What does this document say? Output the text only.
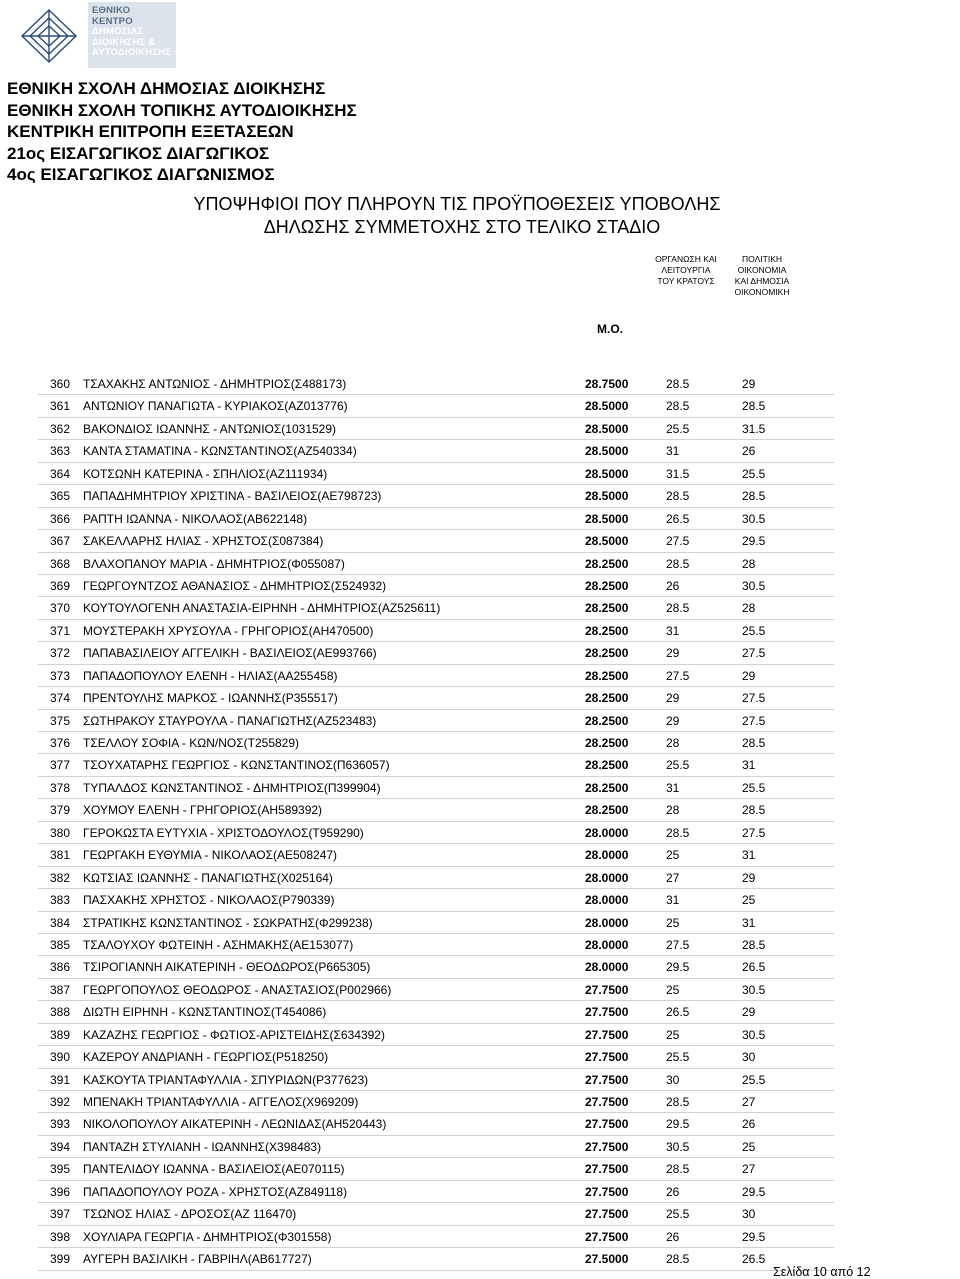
ΕΘΝΙΚΟ
ΚΕΝΤΡΟ
ΔΗΜΟΣΙΑΣ
ΔΙΟΙΚΗΣΗΣ &
ΑΥΤΟΔΙΟΙΚΗΣΗΣ
ΕΘΝΙΚΗ ΣΧΟΛΗ ΔΗΜΟΣΙΑΣ ΔΙΟΙΚΗΣΗΣ
ΕΘΝΙΚΗ ΣΧΟΛΗ ΤΟΠΙΚΗΣ ΑΥΤΟΔΙΟΙΚΗΣΗΣ
ΚΕΝΤΡΙΚΗ ΕΠΙΤΡΟΠΗ ΕΞΕΤΑΣΕΩΝ
21ος ΕΙΣΑΓΩΓΙΚΟΣ ΔΙΑΓΩΓΙΚΟΣ
4ος ΕΙΣΑΓΩΓΙΚΟΣ ΔΙΑΓΩΝΙΣΜΟΣ
ΥΠΟΨΗΦΙΟΙ ΠΟΥ ΠΛΗΡΟΥΝ ΤΙΣ ΠΡΟΫΠΟΘΕΣΕΙΣ ΥΠΟΒΟΛΗΣ
ΔΗΛΩΣΗΣ ΣΥΜΜΕΤΟΧΗΣ ΣΤΟ ΤΕΛΙΚΟ ΣΤΑΔΙΟ
ΟΡΓΑΝΩΣΗ ΚΑΙ
ΛΕΙΤΟΥΡΓΙΑ
ΤΟΥ ΚΡΑΤΟΥΣ
ΠΟΛΙΤΙΚΗ
ΟΙΚΟΝΟΜΙΑ
ΚΑΙ ΔΗΜΟΣΙΑ
ΟΙΚΟΝΟΜΙΚΗ
Μ.Ο.
360 ΤΣΑΧΑΚΗΣ ΑΝΤΩΝΙΟΣ - ΔΗΜΗΤΡΙΟΣ(Σ488173)	28.7500	28.5	29
361 ΑΝΤΩΝΙΟΥ ΠΑΝΑΓΙΩΤΑ - ΚΥΡΙΑΚΟΣ(ΑΖ013776)	28.5000	28.5	28.5
362 ΒΑΚΟΝΔΙΟΣ ΙΩΑΝΝΗΣ - ΑΝΤΩΝΙΟΣ(1031529)	28.5000	25.5	31.5
363 ΚΑΝΤΑ ΣΤΑΜΑΤΙΝΑ - ΚΩΝΣΤΑΝΤΙΝΟΣ(ΑΖ540334)	28.5000	31	26
364 ΚΟΤΣΩΝΗ ΚΑΤΕΡΙΝΑ - ΣΠΗΛΙΟΣ(ΑΖ111934)	28.5000	31.5	25.5
365 ΠΑΠΑΔΗΜΗΤΡΙΟΥ ΧΡΙΣΤΙΝΑ - ΒΑΣΙΛΕΙΟΣ(ΑΕ798723)	28.5000	28.5	28.5
366 ΡΑΠΤΗ ΙΩΑΝΝΑ - ΝΙΚΟΛΑΟΣ(ΑΒ622148)	28.5000	26.5	30.5
367 ΣΑΚΕΛΛΑΡΗΣ ΗΛΙΑΣ - ΧΡΗΣΤΟΣ(Σ087384)	28.5000	27.5	29.5
368 ΒΛΑΧΟΠΑΝΟΥ ΜΑΡΙΑ - ΔΗΜΗΤΡΙΟΣ(Φ055087)	28.2500	28.5	28
369 ΓΕΩΡΓΟΥΝΤΖΟΣ ΑΘΑΝΑΣΙΟΣ - ΔΗΜΗΤΡΙΟΣ(Σ524932)	28.2500	26	30.5
370 ΚΟΥΤΟΥΛΟΓΕΝΗ ΑΝΑΣΤΑΣΙΑ-ΕΙΡΗΝΗ - ΔΗΜΗΤΡΙΟΣ(ΑΖ525611)	28.2500	28.5	28
371 ΜΟΥΣΤΕΡΑΚΗ ΧΡΥΣΟΥΛΑ - ΓΡΗΓΟΡΙΟΣ(ΑΗ470500)	28.2500	31	25.5
372 ΠΑΠΑΒΑΣΙΛΕΙΟΥ ΑΓΓΕΛΙΚΗ - ΒΑΣΙΛΕΙΟΣ(ΑΕ993766)	28.2500	29	27.5
373 ΠΑΠΑΔΟΠΟΥΛΟΥ ΕΛΕΝΗ - ΗΛΙΑΣ(ΑΑ255458)	28.2500	27.5	29
374 ΠΡΕΝΤΟΥΛΗΣ ΜΑΡΚΟΣ - ΙΩΑΝΝΗΣ(Ρ355517)	28.2500	29	27.5
375 ΣΩΤΗΡΑΚΟΥ ΣΤΑΥΡΟΥΛΑ - ΠΑΝΑΓΙΩΤΗΣ(ΑΖ523483)	28.2500	29	27.5
376 ΤΣΕΛΛΟΥ ΣΟΦΙΑ - ΚΩΝ/ΝΟΣ(Τ255829)	28.2500	28	28.5
377 ΤΣΟΥΧΑΤΑΡΗΣ ΓΕΩΡΓΙΟΣ - ΚΩΝΣΤΑΝΤΙΝΟΣ(Π636057)	28.2500	25.5	31
378 ΤΥΠΑΛΔΟΣ ΚΩΝΣΤΑΝΤΙΝΟΣ - ΔΗΜΗΤΡΙΟΣ(Π399904)	28.2500	31	25.5
379 ΧΟΥΜΟΥ ΕΛΕΝΗ - ΓΡΗΓΟΡΙΟΣ(ΑΗ589392)	28.2500	28	28.5
380 ΓΕΡΟΚΩΣΤΑ ΕΥΤΥΧΙΑ - ΧΡΙΣΤΟΔΟΥΛΟΣ(Τ959290)	28.0000	28.5	27.5
381 ΓΕΩΡΓΑΚΗ ΕΥΘΥΜΙΑ - ΝΙΚΟΛΑΟΣ(ΑΕ508247)	28.0000	25	31
382 ΚΩΤΣΙΑΣ ΙΩΑΝΝΗΣ - ΠΑΝΑΓΙΩΤΗΣ(Χ025164)	28.0000	27	29
383 ΠΑΣΧΑΚΗΣ ΧΡΗΣΤΟΣ - ΝΙΚΟΛΑΟΣ(Ρ790339)	28.0000	31	25
384 ΣΤΡΑΤΙΚΗΣ ΚΩΝΣΤΑΝΤΙΝΟΣ - ΣΩΚΡΑΤΗΣ(Φ299238)	28.0000	25	31
385 ΤΣΑΛΟΥΧΟΥ ΦΩΤΕΙΝΗ - ΑΣΗΜΑΚΗΣ(ΑΕ153077)	28.0000	27.5	28.5
386 ΤΣΙΡΟΓΙΑΝΝΗ ΑΙΚΑΤΕΡΙΝΗ - ΘΕΟΔΩΡΟΣ(Ρ665305)	28.0000	29.5	26.5
387 ΓΕΩΡΓΟΠΟΥΛΟΣ ΘΕΟΔΩΡΟΣ - ΑΝΑΣΤΑΣΙΟΣ(Ρ002966)	27.7500	25	30.5
388 ΔΙΩΤΗ ΕΙΡΗΝΗ - ΚΩΝΣΤΑΝΤΙΝΟΣ(Τ454086)	27.7500	26.5	29
389 ΚΑΖΑΖΗΣ ΓΕΩΡΓΙΟΣ - ΦΩΤΙΟΣ-ΑΡΙΣΤΕΙΔΗΣ(Σ634392)	27.7500	25	30.5
390 ΚΑΖΕΡΟΥ ΑΝΔΡΙΑΝΗ - ΓΕΩΡΓΙΟΣ(Ρ518250)	27.7500	25.5	30
391 ΚΑΣΚΟΥΤΑ ΤΡΙΑΝΤΑΦΥΛΛΙΑ - ΣΠΥΡΙΔΩΝ(Ρ377623)	27.7500	30	25.5
392 ΜΠΕΝΑΚΗ ΤΡΙΑΝΤΑΦΥΛΛΙΑ - ΑΓΓΕΛΟΣ(Χ969209)	27.7500	28.5	27
393 ΝΙΚΟΛΟΠΟΥΛΟΥ ΑΙΚΑΤΕΡΙΝΗ - ΛΕΩΝΙΔΑΣ(ΑΗ520443)	27.7500	29.5	26
394 ΠΑΝΤΑΖΗ ΣΤΥΛΙΑΝΗ - ΙΩΑΝΝΗΣ(Χ398483)	27.7500	30.5	25
395 ΠΑΝΤΕΛΙΔΟΥ ΙΩΑΝΝΑ - ΒΑΣΙΛΕΙΟΣ(ΑΕ070115)	27.7500	28.5	27
396 ΠΑΠΑΔΟΠΟΥΛΟΥ ΡΟΖΑ - ΧΡΗΣΤΟΣ(ΑΖ849118)	27.7500	26	29.5
397 ΤΣΩΝΟΣ ΗΛΙΑΣ - ΔΡΟΣΟΣ(ΑΖ 116470)	27.7500	25.5	30
398 ΧΟΥΛΙΑΡΑ ΓΕΩΡΓΙΑ - ΔΗΜΗΤΡΙΟΣ(Φ301558)	27.7500	26	29.5
399 ΑΥΓΕΡΗ ΒΑΣΙΛΙΚΗ - ΓΑΒΡΙΗΛ(ΑΒ617727)	27.5000	28.5	26.5
Σελίδα 10 από 12
